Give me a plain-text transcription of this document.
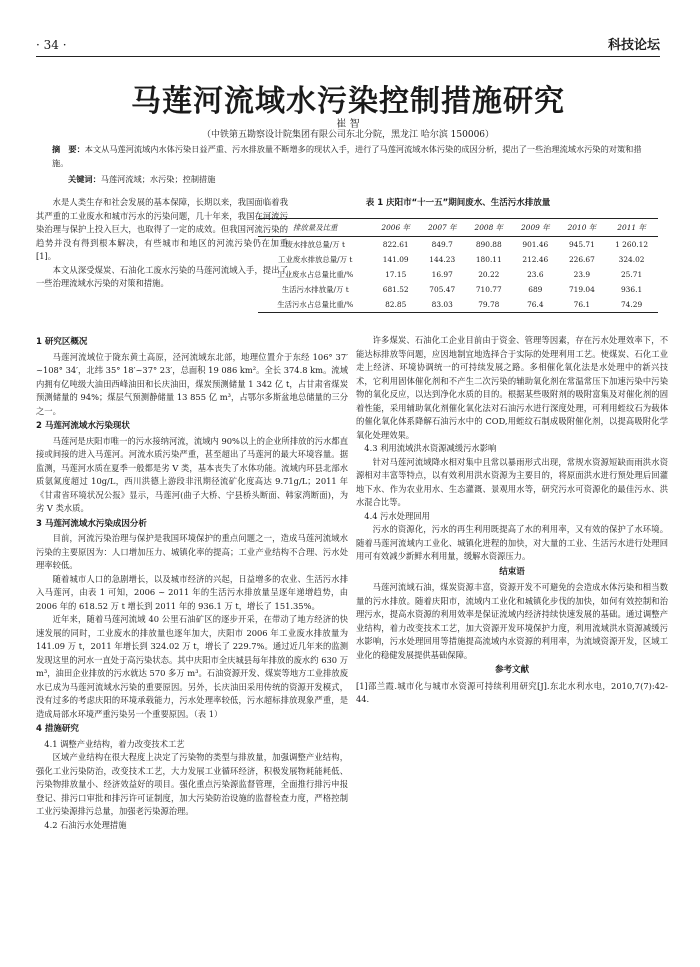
· 34 ·	科技论坛
马莲河流域水污染控制措施研究
崔 智
（中铁第五勘察设计院集团有限公司东北分院，黑龙江 哈尔滨 150006）
摘　要：本文从马莲河流域内水体污染日益严重、污水排放量不断增多的现状入手，进行了马莲河流域水体污染的成因分析，提出了一些治理流域水污染的对策和措施。
关键词：马莲河流域；水污染；控制措施

水是人类生存和社会发展的基本保障，长期以来，我国面临着我其严重的工业废水和城市污水的污染问题，几十年来，我国在河流污染治理与保护上投入巨大，也取得了一定的成效。但我国河流污染的趋势并没有得到根本解决，有些城市和地区的河流污染仍在加重[1]。

本文从深受煤炭、石油化工废水污染的马莲河流域入手，提出了一些治理流域水污染的对策和措施。

表 1 庆阳市“十一五”期间废水、生活污水排放量
排放量及比重	2006 年	2007 年	2008 年	2009 年	2010 年	2011 年
废水排放总量/万 t	822.61	849.7	890.88	901.46	945.71	1 260.12
工业废水排放总量/万 t	141.09	144.23	180.11	212.46	226.67	324.02
工业废水占总量比重/%	17.15	16.97	20.22	23.6	23.9	25.71
生活污水排放量/万 t	681.52	705.47	710.77	689	719.04	936.1
生活污水占总量比重/%	82.85	83.03	79.78	76.4	76.1	74.29
1 研究区概况

马莲河流域位于陇东黄土高原，泾河流域东北部，地理位置介于东经 106° 37′ ~108° 34′，北纬 35° 18′~37° 23′，总面积 19 086 km²。全长 374.8 km。流域内拥有亿吨级大油田西峰油田和长庆油田，煤炭预测储量 1 342 亿 t，占甘肃省煤炭预测储量的 94%；煤层气预测静储量 13 855 亿 m³，占鄂尔多斯盆地总储量的三分之一。

2 马莲河流域水污染现状

马莲河是庆阳市唯一的污水接纳河流，流域内 90%以上的企业所排放的污水都直接或间接的进入马莲河。河流水质污染严重，甚至超出了马莲河的最大环境容量。据监测，马莲河水质在夏季一般都是劣 V 类，基本丧失了水体功能。流域内环县北部水质氨氮度超过 10g/L，西川洪德上游段非汛期径流矿化度高达 9.71g/L；2011 年《甘肃省环境状况公报》显示，马莲河(曲子大桥、宁县桥头断面、韩家湾断面)，为劣 V 类水质。

3 马莲河流域水污染成因分析

目前，河流污染治理与保护是我国环境保护的重点问题之一，造成马莲河流域水污染的主要原因为：人口增加压力、城镇化率的提高；工业产业结构不合理、污水处理率较低。

随着城市人口的急剧增长，以及城市经济的兴起，日益增多的农业、生活污水排入马莲河，由表 1 可知，2006 ~ 2011 年的生活污水排放量呈逐年递增趋势，由 2006 年的 618.52 万 t 增长到 2011 年的 936.1 万 t，增长了 151.35%。

近年来，随着马莲河流域 40 公里石油矿区的逐步开采，在带动了地方经济的快速发展的同时，工业废水的排放量也逐年加大，庆阳市 2006 年工业废水排放量为 141.09 万 t，2011 年增长到 324.02 万 t，增长了 229.7%。通过近几年来的监测发现这里的河水一直处于高污染状态。其中庆阳市全庆城县每年排放的废水约 630 万 m³，油田企业排放的污水就达 570 多万 m³。石油资源开发、煤炭等地方工业排放废水已成为马莲河流域水污染的重要原因。另外，长庆油田采用传统的资源开发模式，没有过多的考虑庆阳的环境承载能力，污水处理率较低，污水超标排放现象严重，是造成局部水环境严重污染另一个重要原因。（表 1）

4 措施研究
4.1 调整产业结构，着力改变技术工艺

区域产业结构在很大程度上决定了污染物的类型与排放量，加强调整产业结构，强化工业污染防治，改变技术工艺，大力发展工业循环经济，积极发展物耗能耗低、污染物排放量小、经济效益好的项目。强化重点污染源监督管理，全面推行排污申报登记、排污口审批和排污许可证制度，加大污染防治设施的监督检查力度，严格控制工业污染源排污总量，加强老污染源治理。

4.2 石油污水处理措施

许多煤炭、石油化工企业目前由于资金、管理等因素，存在污水处理效率下，不能达标排放等问题，应因地制宜地选择合于实际的处理利用工艺。使煤炭、石化工业走上经济、环境协调统一的可持续发展之路。多相催化氧化法是水处理中的新兴技术，它利用固体催化剂和不产生二次污染的辅助氧化剂在常温常压下加速污染中污染物的氧化反应，以达到净化水质的目的。根据某些吸附剂的吸附富集及对催化剂的固着性能，采用辅助氧化剂催化氧化法对石油污水进行深度处理，可利用蛭纹石为载体的催化氧化体系降解石油污水中的 COD,用蛭纹石制成吸附催化剂，以提高吸附化学氧化处理效果。

4.3 利用流域洪水资源减缓污水影响

针对马莲河流域降水相对集中且常以暴雨形式出现，常规水资源短缺而雨洪水资源相对丰富等特点，以有效利用洪水资源为主要目的，将原面洪水进行预处理后回灌地下水、作为农业用水、生态灌溉、景观用水等，研究污水可资源化的最佳污水、洪水混合比等。

4.4 污水处理回用

污水的资源化，污水的再生利用既提高了水的利用率，又有效的保护了水环境。随着马莲河流域内工业化、城镇化进程的加快，对大量的工业、生活污水进行处理回用可有效减少新鲜水利用量，缓解水资源压力。

结束语

马莲河流域石油，煤炭资源丰富，资源开发不可避免的会造成水体污染和相当数量的污水排放。随着庆阳市，流域内工业化和城镇化步伐的加快，如何有效控制和治理污水，提高水资源的利用效率是保证流域内经济持续快速发展的基础。通过调整产业结构，着力改变技术工艺，加大资源开发环境保护力度，利用流域洪水资源减缓污水影响，污水处理回用等措施提高流域内水资源的利用率，为流域资源开发，区域工业化的稳健发展提供基础保障。

参考文献

[1]邵兰霞.城市化与城市水资源可持续利用研究[J].东北水利水电，2010,7(7):42-44.
